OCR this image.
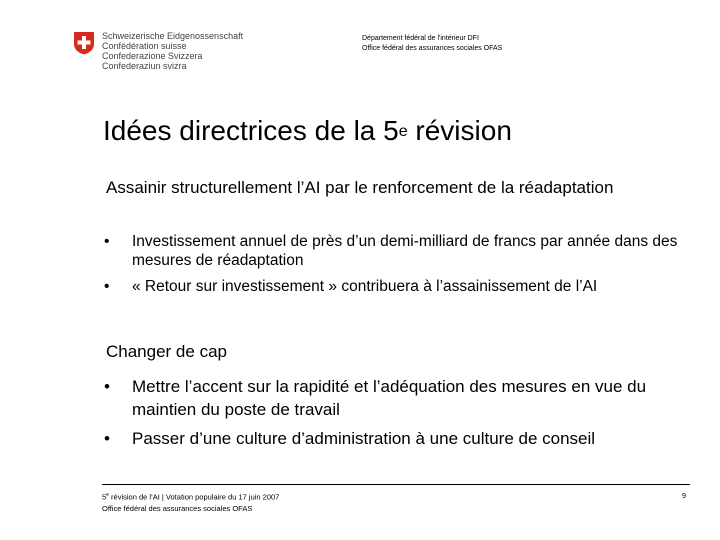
Schweizerische Eidgenossenschaft
Confédération suisse
Confederazione Svizzera
Confederaziun svizra
Département fédéral de l'intérieur DFI
Office fédéral des assurances sociales OFAS
Idées directrices de la 5e révision
Assainir structurellement l’AI par le renforcement de la réadaptation
• Investissement annuel de près d’un demi-milliard de francs par année dans des mesures de réadaptation
• « Retour sur investissement » contribuera à l’assainissement de l’AI
Changer de cap
• Mettre l’accent sur la rapidité et l’adéquation des mesures en vue du maintien du poste de travail
• Passer d’une culture d’administration à une culture de conseil
5e révision de l’AI | Votation populaire du 17 juin 2007
Office fédéral des assurances sociales OFAS
9
